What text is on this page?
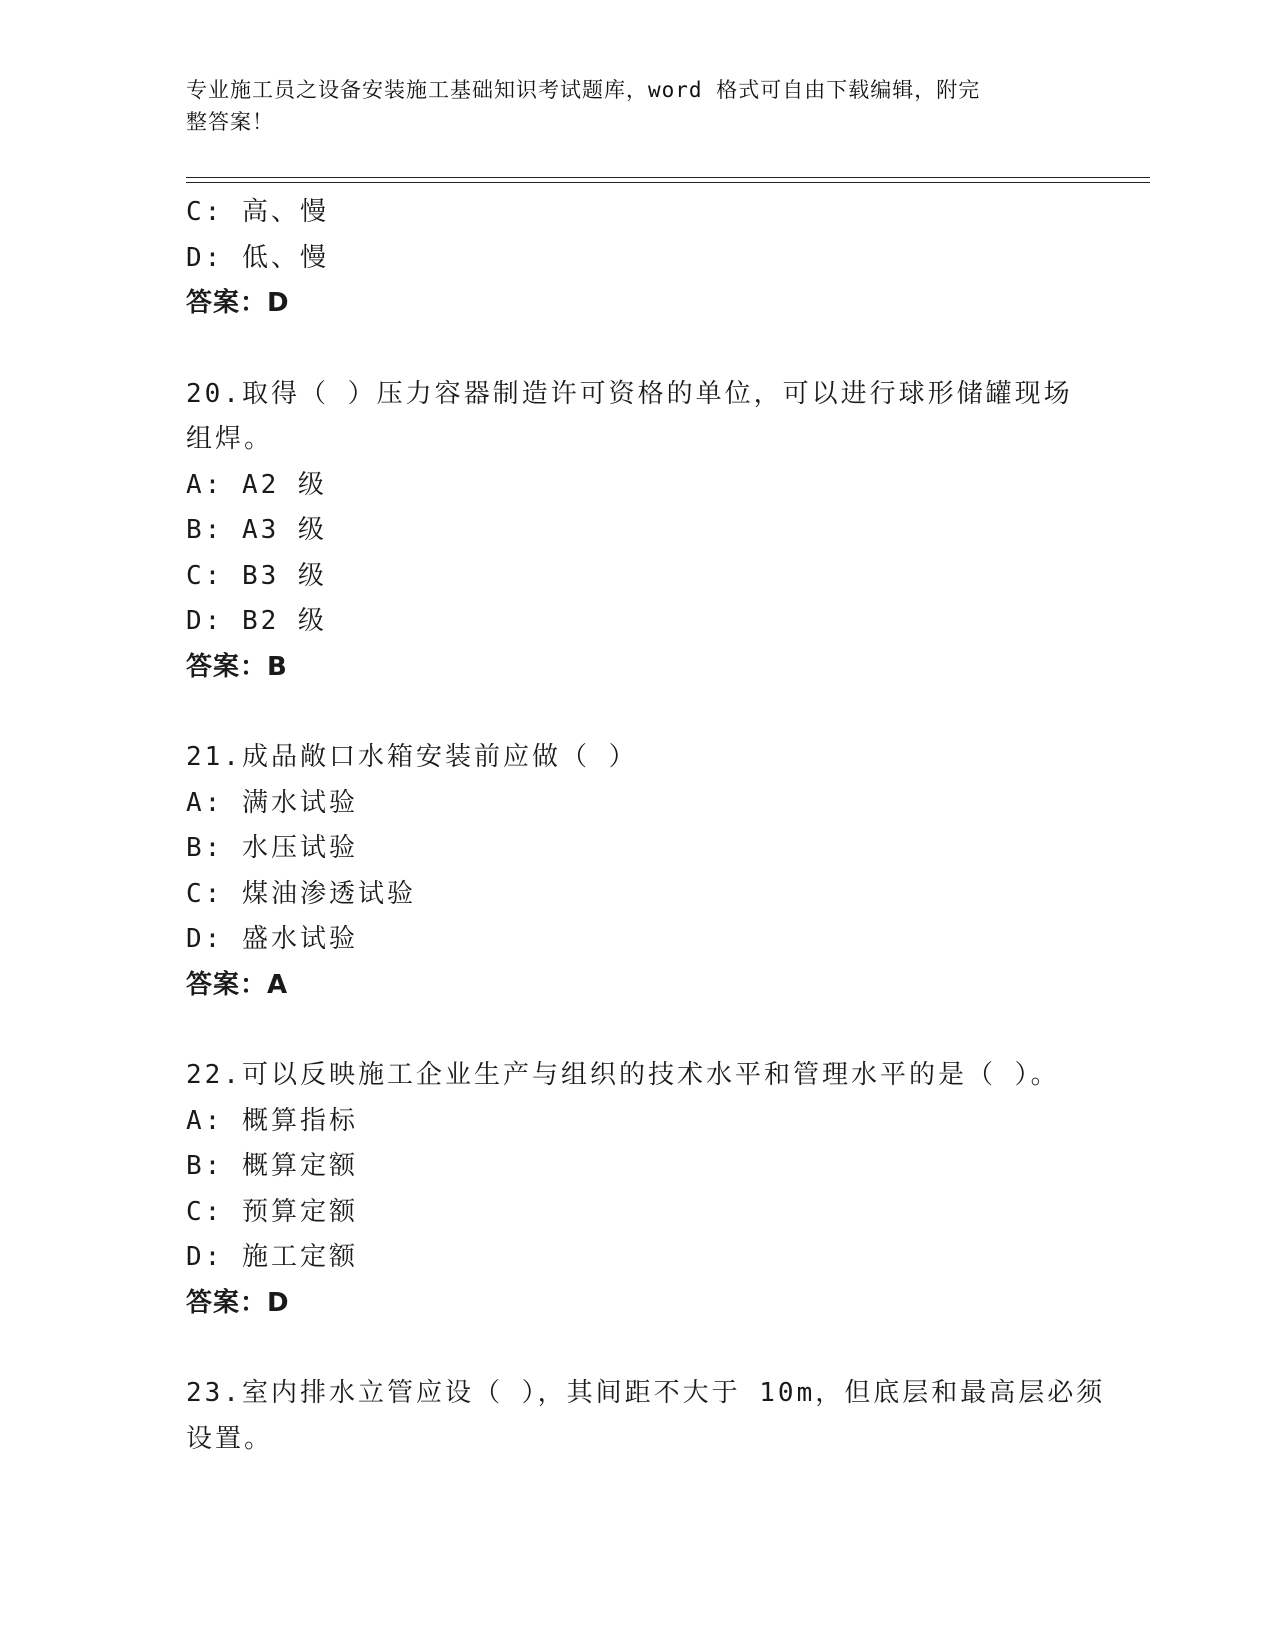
专业施工员之设备安装施工基础知识考试题库，word 格式可自由下载编辑，附完
整答案！
C: 高、慢
D: 低、慢
答案：D
20.取得（ ）压力容器制造许可资格的单位，可以进行球形储罐现场
组焊。
A: A2 级
B: A3 级
C: B3 级
D: B2 级
答案：B
21.成品敞口水箱安装前应做（ ）
A: 满水试验
B: 水压试验
C: 煤油渗透试验
D: 盛水试验
答案：A
22.可以反映施工企业生产与组织的技术水平和管理水平的是（ ）。
A: 概算指标
B: 概算定额
C: 预算定额
D: 施工定额
答案：D
23.室内排水立管应设（ ），其间距不大于 10m，但底层和最高层必须
设置。
